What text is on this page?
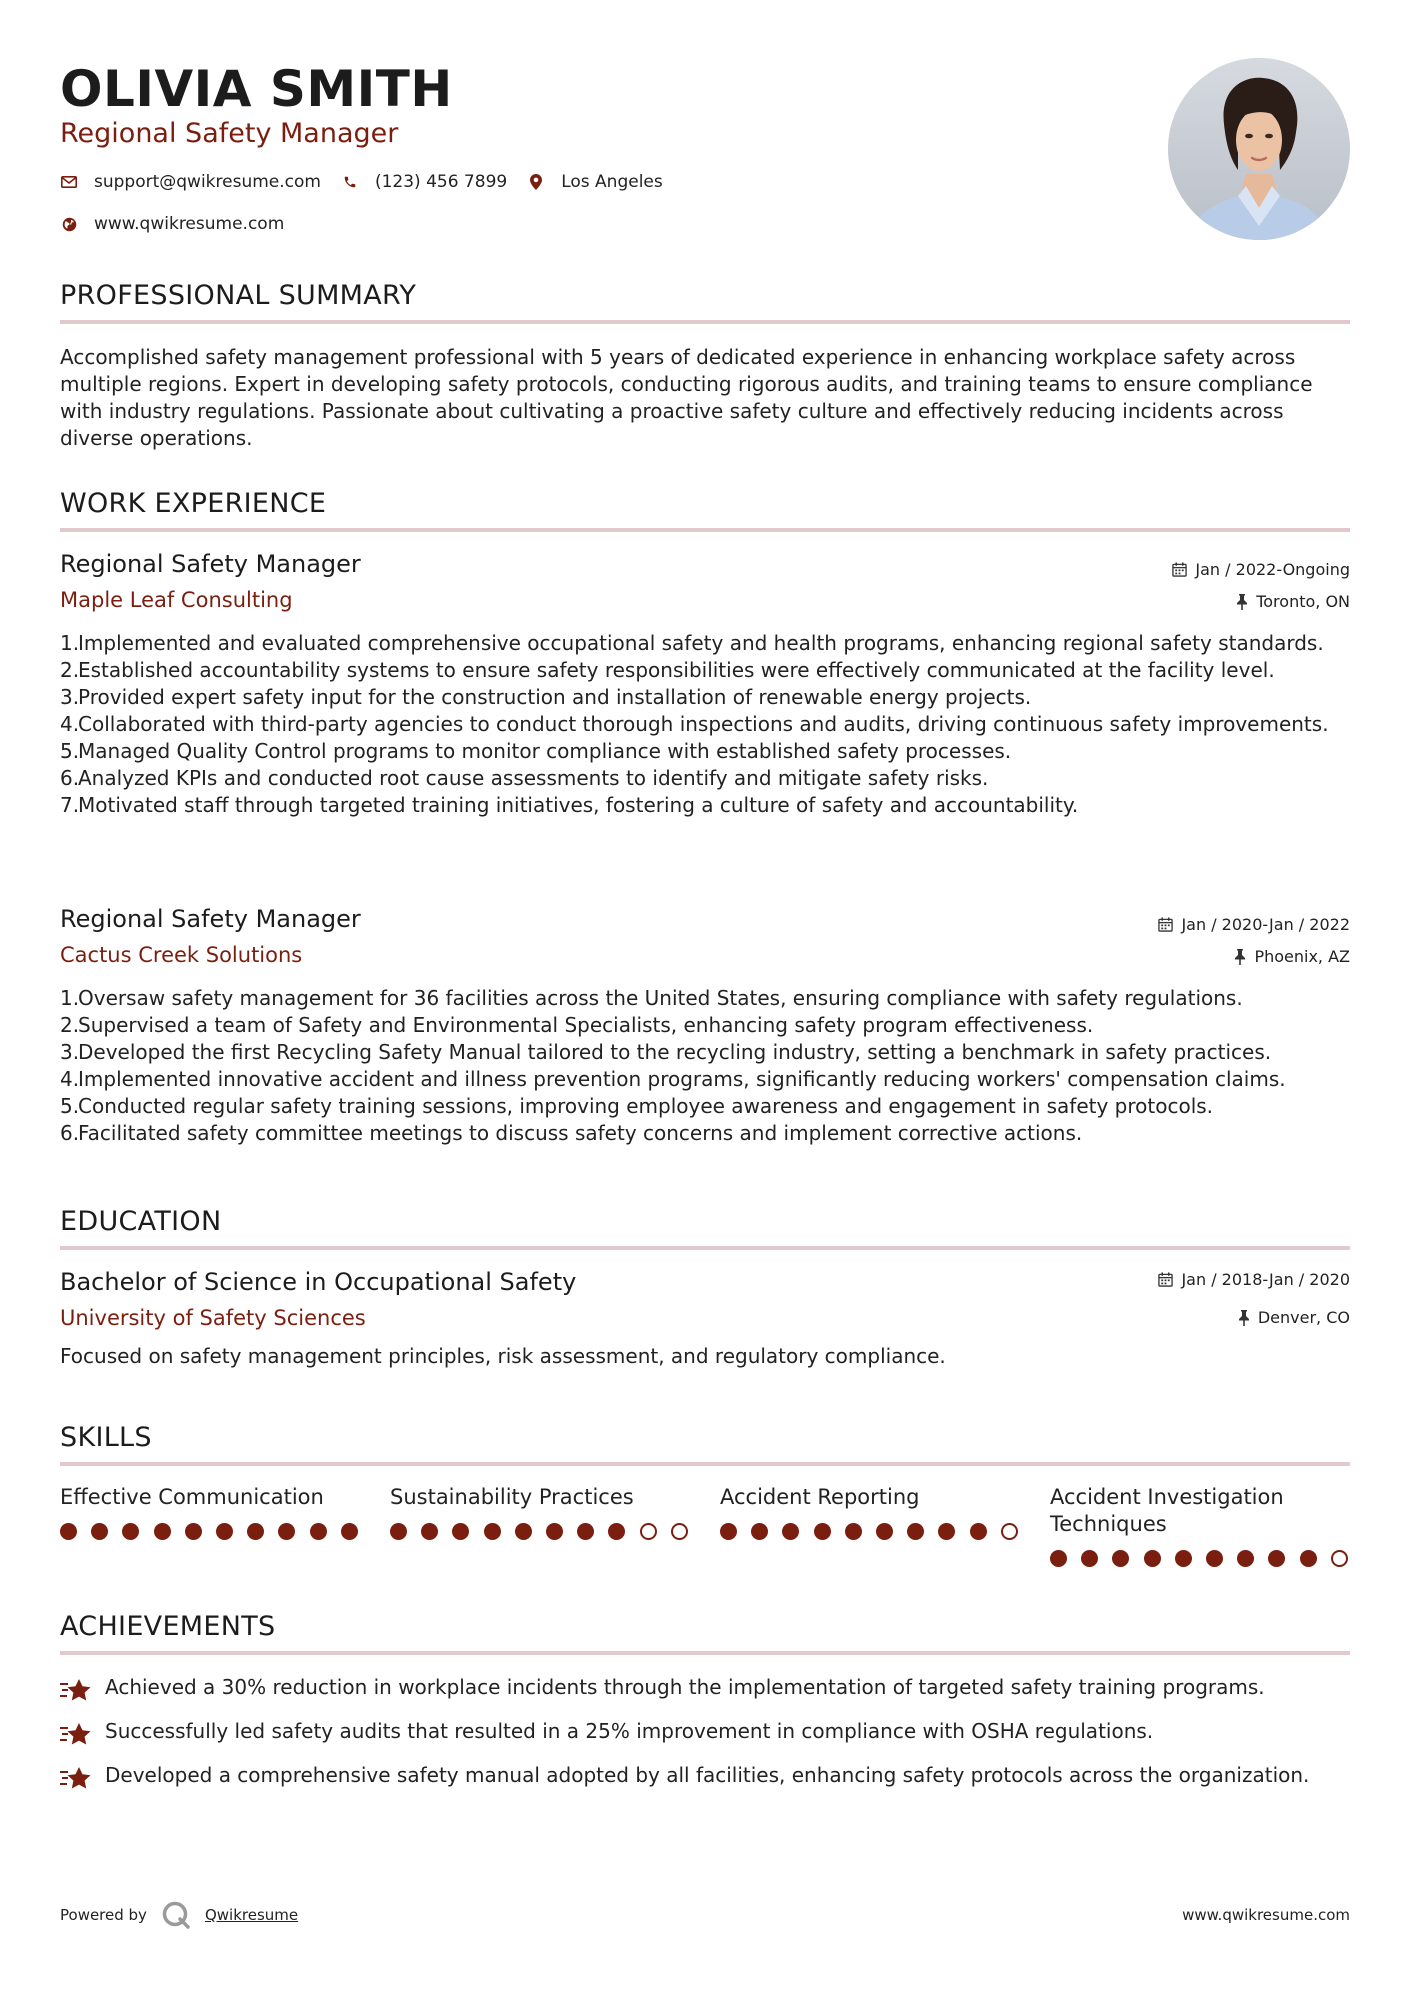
OLIVIA SMITH
Regional Safety Manager
support@qwikresume.com	(123) 456 7899	Los Angeles
www.qwikresume.com
PROFESSIONAL SUMMARY
Accomplished safety management professional with 5 years of dedicated experience in enhancing workplace safety across multiple regions. Expert in developing safety protocols, conducting rigorous audits, and training teams to ensure compliance with industry regulations. Passionate about cultivating a proactive safety culture and effectively reducing incidents across diverse operations.
WORK EXPERIENCE
Regional Safety Manager	Jan / 2022-Ongoing
Maple Leaf Consulting	Toronto, ON
1.
Implemented and evaluated comprehensive occupational safety and health programs, enhancing regional safety standards.
2.
Established accountability systems to ensure safety responsibilities were effectively communicated at the facility level.
3.
Provided expert safety input for the construction and installation of renewable energy projects.
4.
Collaborated with third-party agencies to conduct thorough inspections and audits, driving continuous safety improvements.
5.
Managed Quality Control programs to monitor compliance with established safety processes.
6.
Analyzed KPIs and conducted root cause assessments to identify and mitigate safety risks.
7.
Motivated staff through targeted training initiatives, fostering a culture of safety and accountability.
Regional Safety Manager	Jan / 2020-Jan / 2022
Cactus Creek Solutions	Phoenix, AZ
1.
Oversaw safety management for 36 facilities across the United States, ensuring compliance with safety regulations.
2.
Supervised a team of Safety and Environmental Specialists, enhancing safety program effectiveness.
3.
Developed the first Recycling Safety Manual tailored to the recycling industry, setting a benchmark in safety practices.
4.
Implemented innovative accident and illness prevention programs, significantly reducing workers' compensation claims.
5.
Conducted regular safety training sessions, improving employee awareness and engagement in safety protocols.
6.
Facilitated safety committee meetings to discuss safety concerns and implement corrective actions.
EDUCATION
Bachelor of Science in Occupational Safety	Jan / 2018-Jan / 2020
University of Safety Sciences	Denver, CO
Focused on safety management principles, risk assessment, and regulatory compliance.
SKILLS
Effective Communication	Sustainability Practices	Accident Reporting	Accident Investigation Techniques
ACHIEVEMENTS
Achieved a 30% reduction in workplace incidents through the implementation of targeted safety training programs.
Successfully led safety audits that resulted in a 25% improvement in compliance with OSHA regulations.
Developed a comprehensive safety manual adopted by all facilities, enhancing safety protocols across the organization.
Powered by	Qwikresume	www.qwikresume.com
